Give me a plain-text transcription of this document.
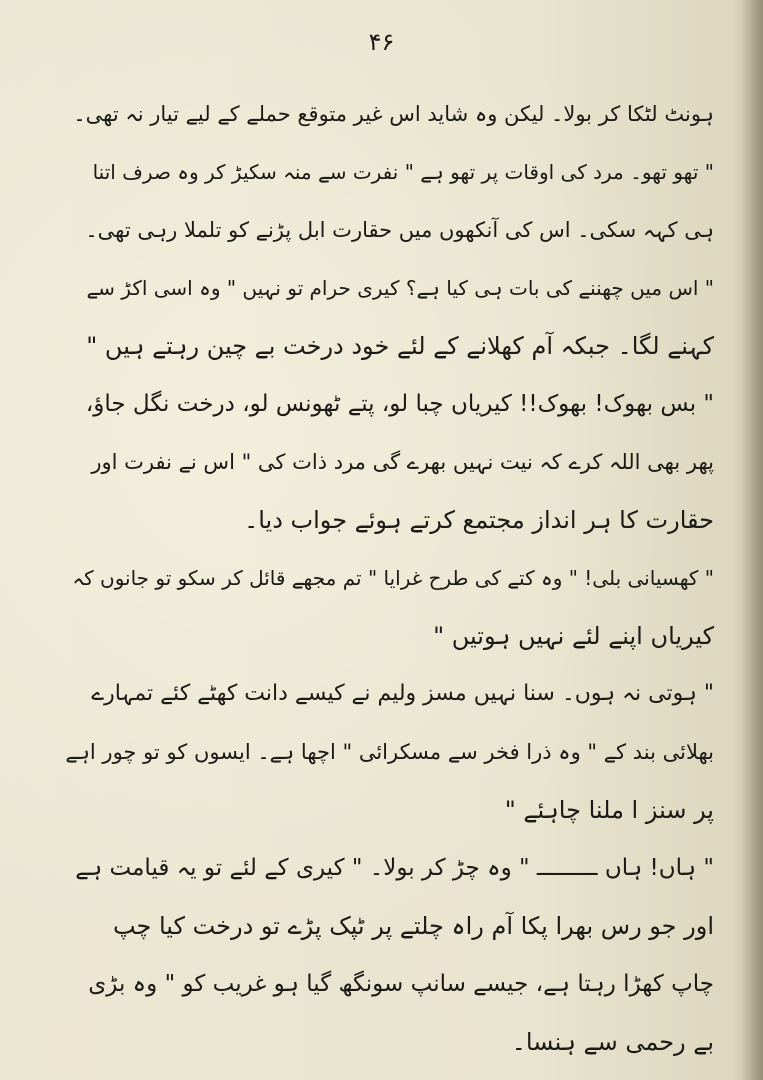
۴۶
ہونٹ لٹکا کر بولا۔ لیکن وہ شاید اس غیر متوقع حملے کے لیے تیار نہ تھی۔
" تھو تھو۔ مرد کی اوقات پر تھو ہے " نفرت سے منہ سکیڑ کر وہ صرف اتنا
ہی کہہ سکی۔ اس کی آنکھوں میں حقارت ابل پڑنے کو تلملا رہی تھی۔
" اس میں چھننے کی بات ہی کیا ہے؟ کیری حرام تو نہیں " وہ اسی اکڑ سے
کہنے لگا۔ جبکہ آم کھلانے کے لئے خود درخت بے چین رہتے ہیں "
" بس بھوک! بھوک!! کیریاں چبا لو، پتے ٹھونس لو، درخت نگل جاؤ،
پھر بھی اللہ کرے کہ نیت نہیں بھرے گی مرد ذات کی " اس نے نفرت اور
حقارت کا ہر انداز مجتمع کرتے ہوئے جواب دیا۔
" کھسیانی بلی! " وہ کتے کی طرح غرایا " تم مجھے قائل کر سکو تو جانوں کہ
کیریاں اپنے لئے نہیں ہوتیں "
" ہوتی نہ ہوں۔ سنا نہیں مسز ولیم نے کیسے دانت کھٹے کئے تمہارے
بھلائی بند کے " وہ ذرا فخر سے مسکرائی " اچھا ہے۔ ایسوں کو تو چور اہے
پر سنز ا ملنا چاہئے "
" ہاں! ہاں ـــــــــ " وہ چڑ کر بولا۔ " کیری کے لئے تو یہ قیامت ہے
اور جو رس بھرا پکا آم راہ چلتے پر ٹپک پڑے تو درخت کیا چپ
چاپ کھڑا رہتا ہے، جیسے سانپ سونگھ گیا ہو غریب کو " وہ بڑی
بے رحمی سے ہنسا۔
